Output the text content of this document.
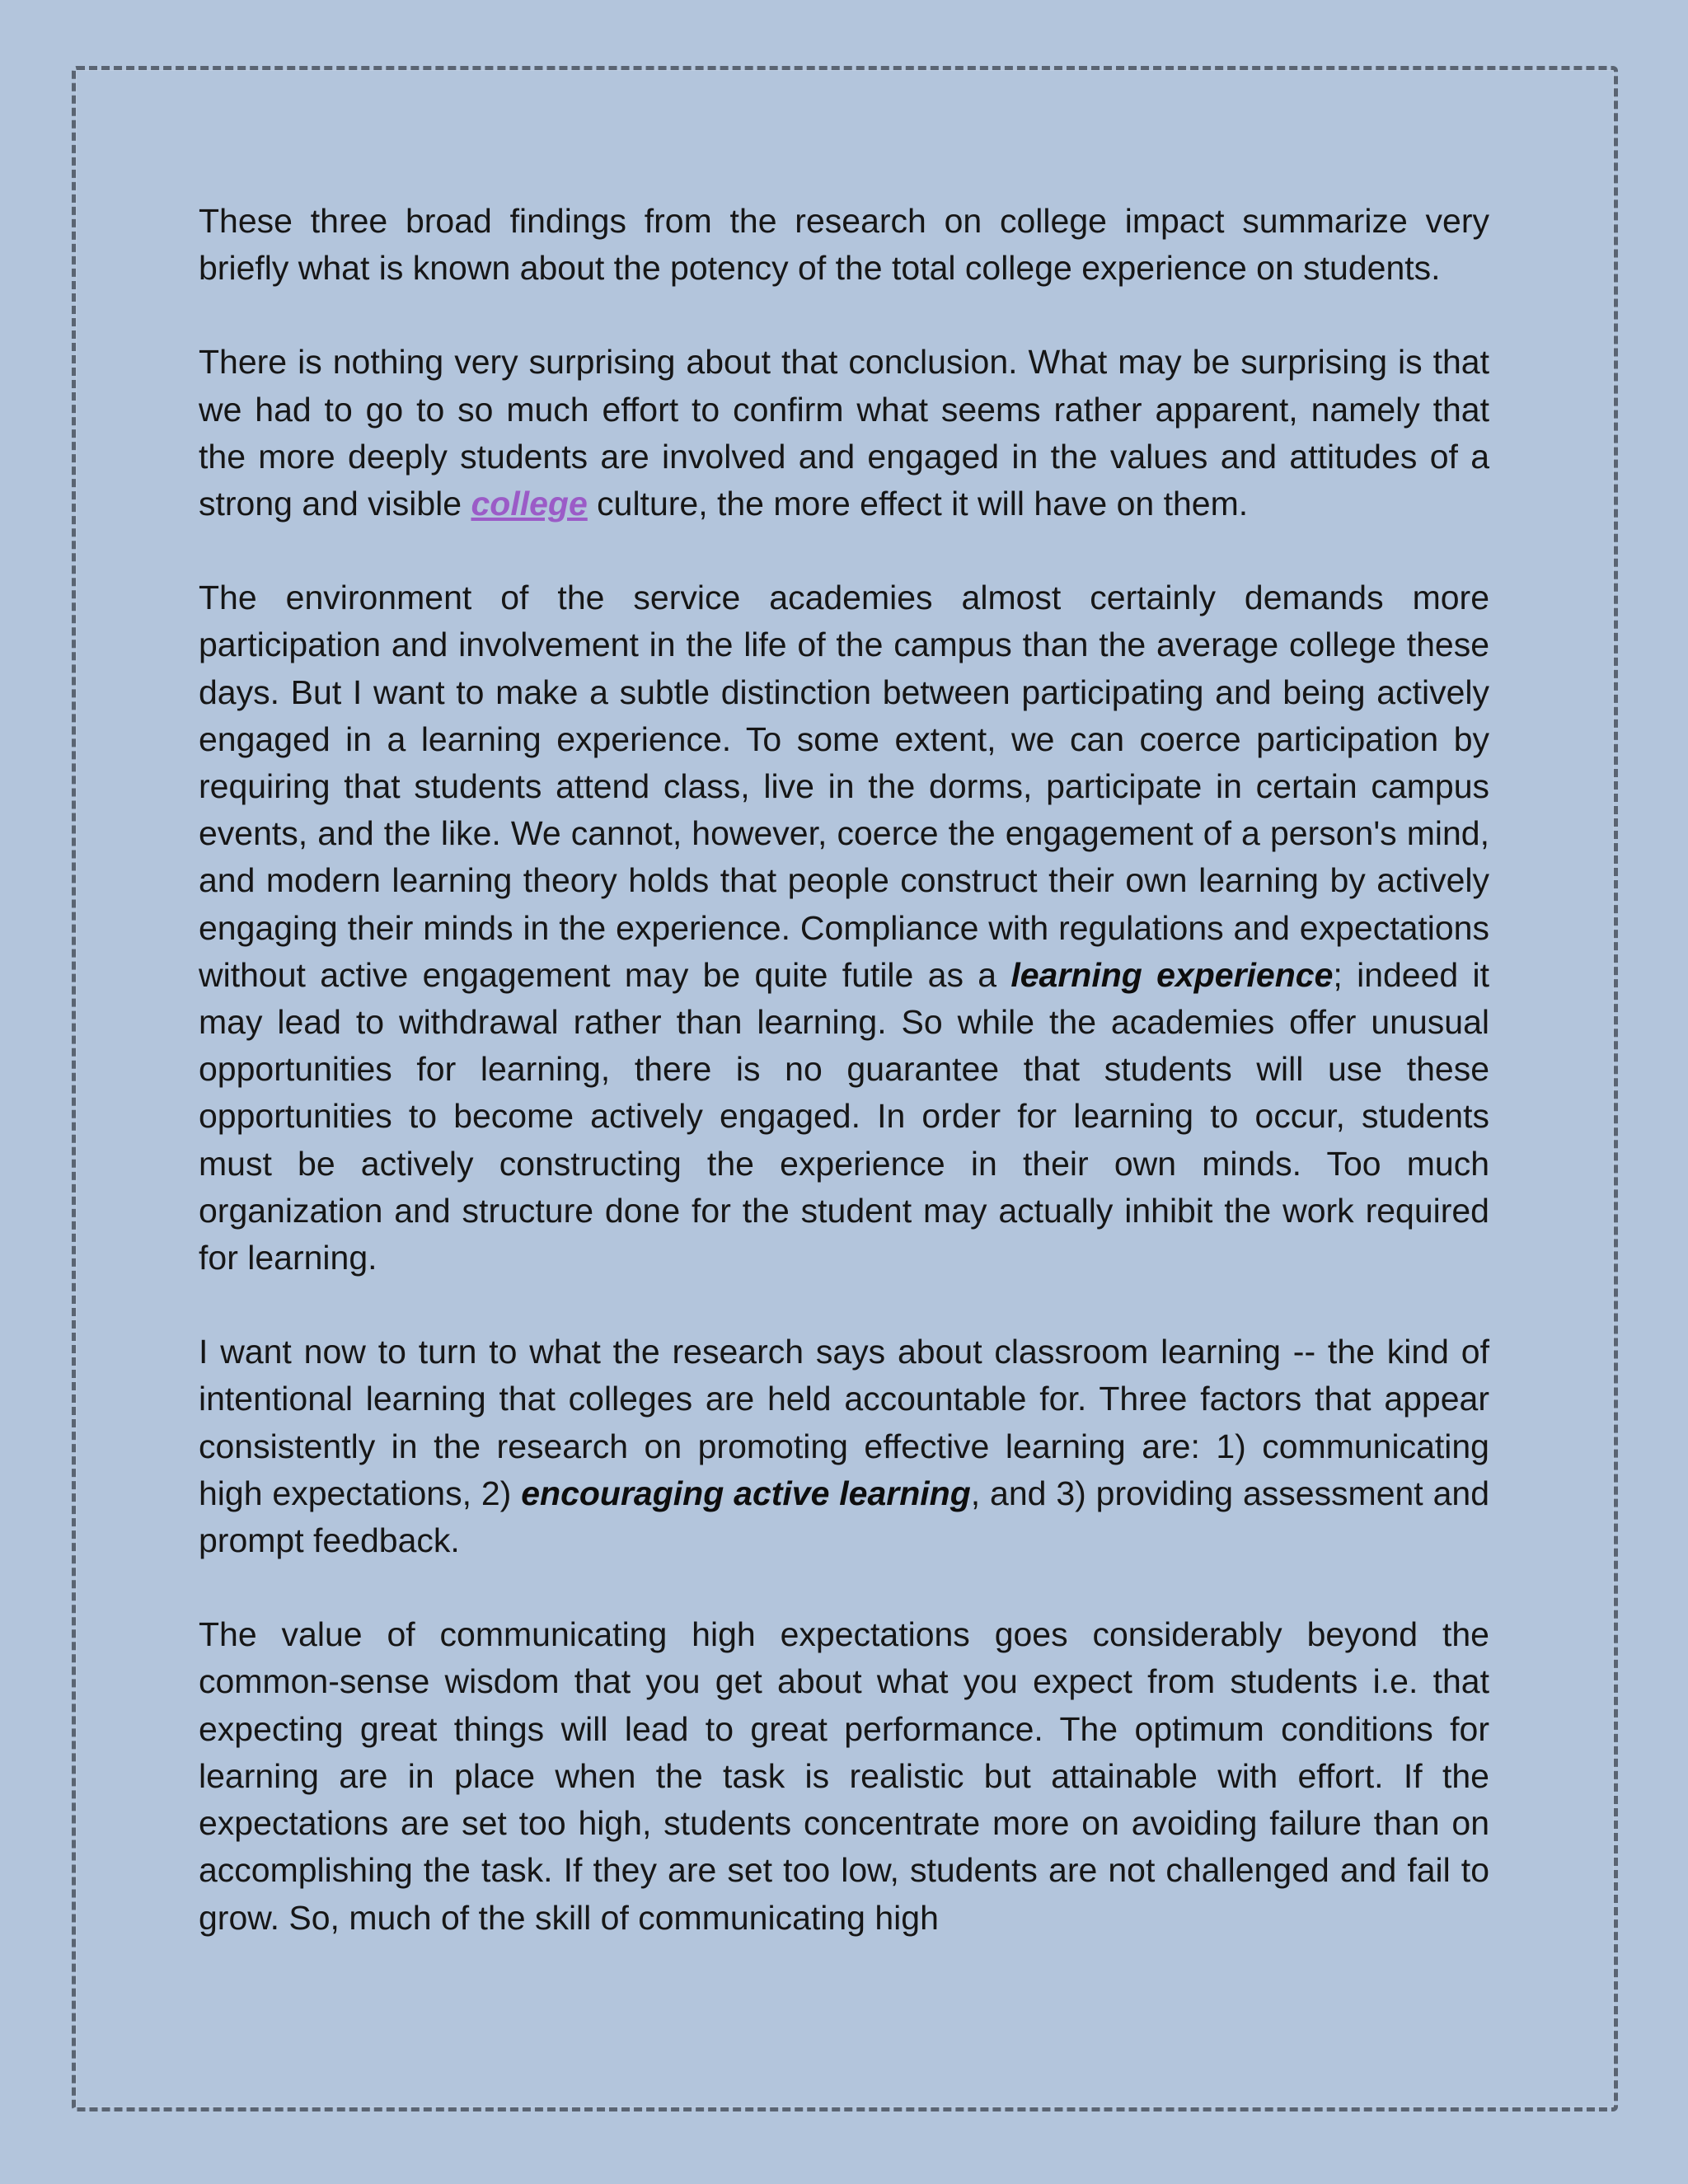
These three broad findings from the research on college impact summarize very briefly what is known about the potency of the total college experience on students.

There is nothing very surprising about that conclusion. What may be surprising is that we had to go to so much effort to confirm what seems rather apparent, namely that the more deeply students are involved and engaged in the values and attitudes of a strong and visible college culture, the more effect it will have on them.

The environment of the service academies almost certainly demands more participation and involvement in the life of the campus than the average college these days. But I want to make a subtle distinction between participating and being actively engaged in a learning experience. To some extent, we can coerce participation by requiring that students attend class, live in the dorms, participate in certain campus events, and the like. We cannot, however, coerce the engagement of a person's mind, and modern learning theory holds that people construct their own learning by actively engaging their minds in the experience. Compliance with regulations and expectations without active engagement may be quite futile as a learning experience; indeed it may lead to withdrawal rather than learning. So while the academies offer unusual opportunities for learning, there is no guarantee that students will use these opportunities to become actively engaged. In order for learning to occur, students must be actively constructing the experience in their own minds. Too much organization and structure done for the student may actually inhibit the work required for learning.

I want now to turn to what the research says about classroom learning -- the kind of intentional learning that colleges are held accountable for. Three factors that appear consistently in the research on promoting effective learning are: 1) communicating high expectations, 2) encouraging active learning, and 3) providing assessment and prompt feedback.

The value of communicating high expectations goes considerably beyond the common-sense wisdom that you get about what you expect from students i.e. that expecting great things will lead to great performance. The optimum conditions for learning are in place when the task is realistic but attainable with effort. If the expectations are set too high, students concentrate more on avoiding failure than on accomplishing the task. If they are set too low, students are not challenged and fail to grow. So, much of the skill of communicating high
